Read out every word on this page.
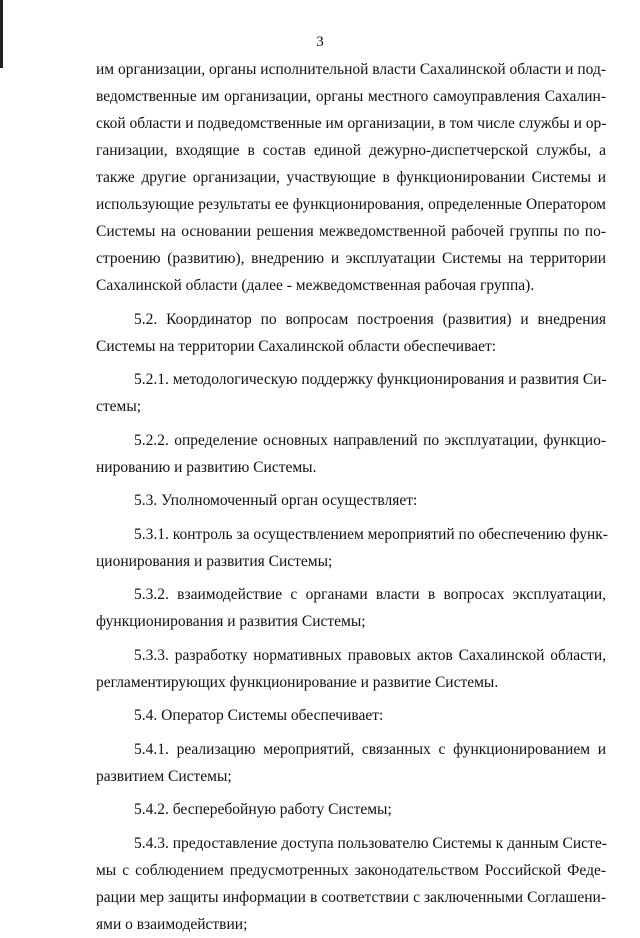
3
им организации, органы исполнительной власти Сахалинской области и под-
ведомственные им организации, органы местного самоуправления Сахалин-
ской области и подведомственные им организации, в том числе службы и ор-
ганизации, входящие в состав единой дежурно-диспетчерской службы, а
также другие организации, участвующие в функционировании Системы и
использующие результаты ее функционирования, определенные Оператором
Системы на основании решения межведомственной рабочей группы по по-
строению (развитию), внедрению и эксплуатации Системы на территории
Сахалинской области (далее - межведомственная рабочая группа).
5.2. Координатор по вопросам построения (развития) и внедрения
Системы на территории Сахалинской области обеспечивает:
5.2.1. методологическую поддержку функционирования и развития Си-
стемы;
5.2.2. определение основных направлений по эксплуатации, функцио-
нированию и развитию Системы.
5.3. Уполномоченный орган осуществляет:
5.3.1. контроль за осуществлением мероприятий по обеспечению функ-
ционирования и развития Системы;
5.3.2. взаимодействие с органами власти в вопросах эксплуатации,
функционирования и развития Системы;
5.3.3. разработку нормативных правовых актов Сахалинской области,
регламентирующих функционирование и развитие Системы.
5.4. Оператор Системы обеспечивает:
5.4.1. реализацию мероприятий, связанных с функционированием и
развитием Системы;
5.4.2. бесперебойную работу Системы;
5.4.3. предоставление доступа пользователю Системы к данным Систе-
мы с соблюдением предусмотренных законодательством Российской Феде-
рации мер защиты информации в соответствии с заключенными Соглашени-
ями о взаимодействии;
